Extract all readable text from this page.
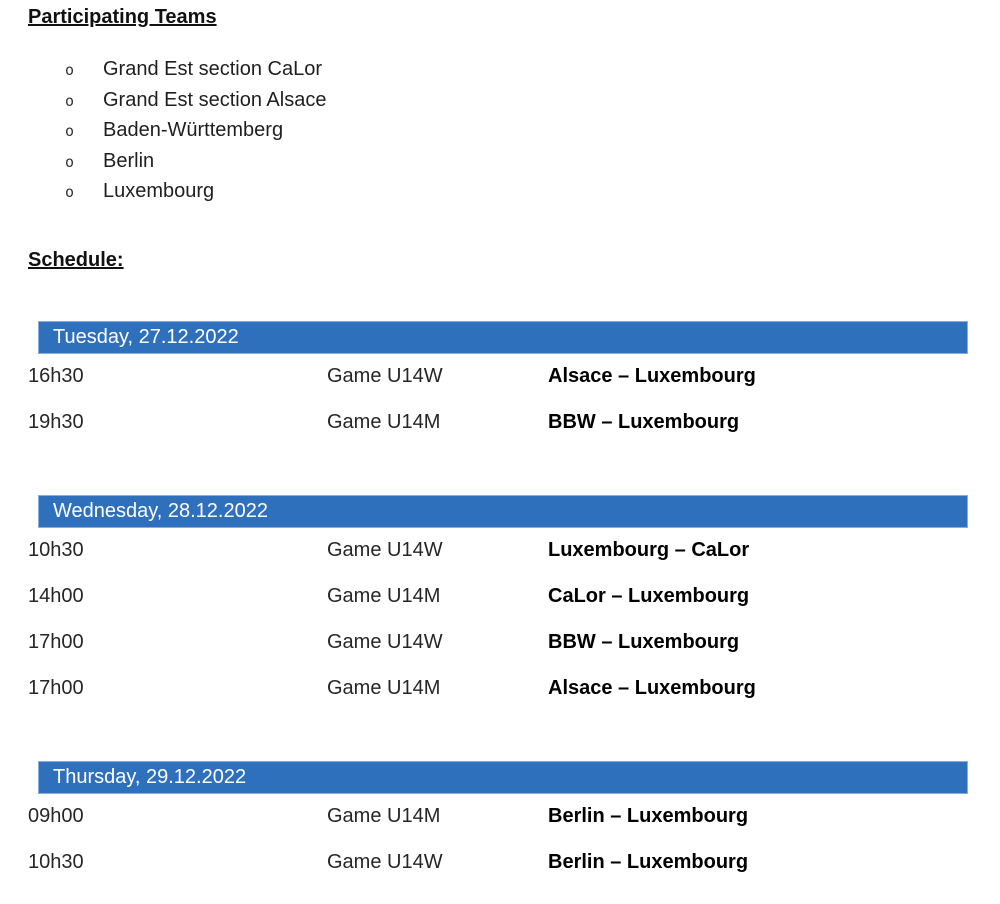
Participating Teams
o	Grand Est section CaLor
o	Grand Est section Alsace
o	Baden-Württemberg
o	Berlin
o	Luxembourg
Schedule:
Tuesday, 27.12.2022
16h30	Game U14W	Alsace – Luxembourg
19h30	Game U14M	BBW – Luxembourg
Wednesday, 28.12.2022
10h30	Game U14W	Luxembourg – CaLor
14h00	Game U14M	CaLor – Luxembourg
17h00	Game U14W	BBW – Luxembourg
17h00	Game U14M	Alsace – Luxembourg
Thursday, 29.12.2022
09h00	Game U14M	Berlin – Luxembourg
10h30	Game U14W	Berlin – Luxembourg
